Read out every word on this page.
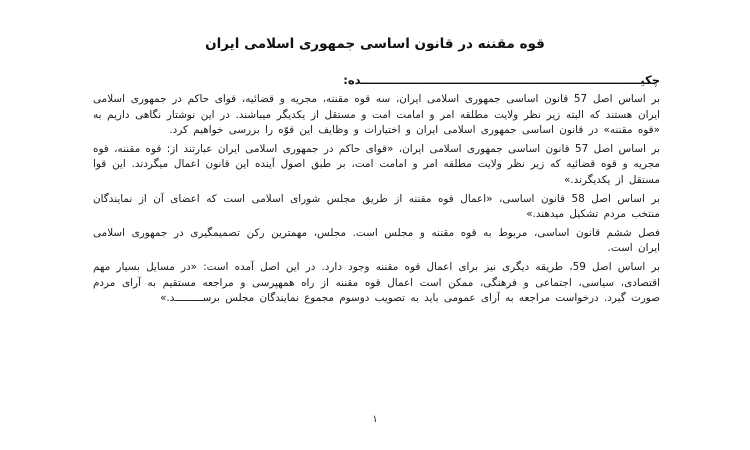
قوه مقننه در قانون اساسی جمهوری اسلامی ایران
چکیـــــــــــــــــــــــــــــــــــــــــــــــــــــــــــــــــــــــده:

بر اساس اصل 57 قانون اساسی جمهوری اسلامی ایران، سه قوه مقننه، مجریه و قضائیه، قوای حاکم در جمهوری اسلامی ایران هستند که البته زیر نظر ولایت مطلقه امر و امامت امت و مستقل از یکدیگر میباشند. در این نوشتار نگاهی داریم به «قوه مقننه» در قانون اساسی جمهوری اسلامی ایران و اختیارات و وظایف این قوّه را بررسی خواهیم کرد.

بر اساس اصل 57 قانون اساسی جمهوری اسلامی ایران، «قوای حاکم در جمهوری اسلامی ایران عبارتند از: قوه مقننه، قوه مجریه و قوه قضائیه که زیر نظر ولایت مطلقه امر و امامت امت، بر طبق اصول آینده این قانون اعمال میگردند. این قوا مستقل از یکدیگرند.»

بر اساس اصل 58 قانون اساسی، «اعمال قوه مقننه از طریق مجلس شورای اسلامی است که اعضای آن از نمایندگان منتخب مردم تشکیل میدهند.»

فصل ششم قانون اساسی، مربوط به قوه مقننه و مجلس است. مجلس، مهمترین رکن تصمیمگیری در جمهوری اسلامی ایران است.

بر اساس اصل 59، طریقه دیگری نیز برای اعمال قوه مقننه وجود دارد. در این اصل آمده است: «در مسایل بسیار مهم اقتصادی، سیاسی، اجتماعی و فرهنگی، ممکن است اعمال قوه مقننه از راه همهپرسی و مراجعه مستقیم به آرای مردم صورت گیرد. درخواست مراجعه به آرای عمومی باید به تصویب دوسوم مجموع نمایندگان مجلس برســـــــــد.»

۱
